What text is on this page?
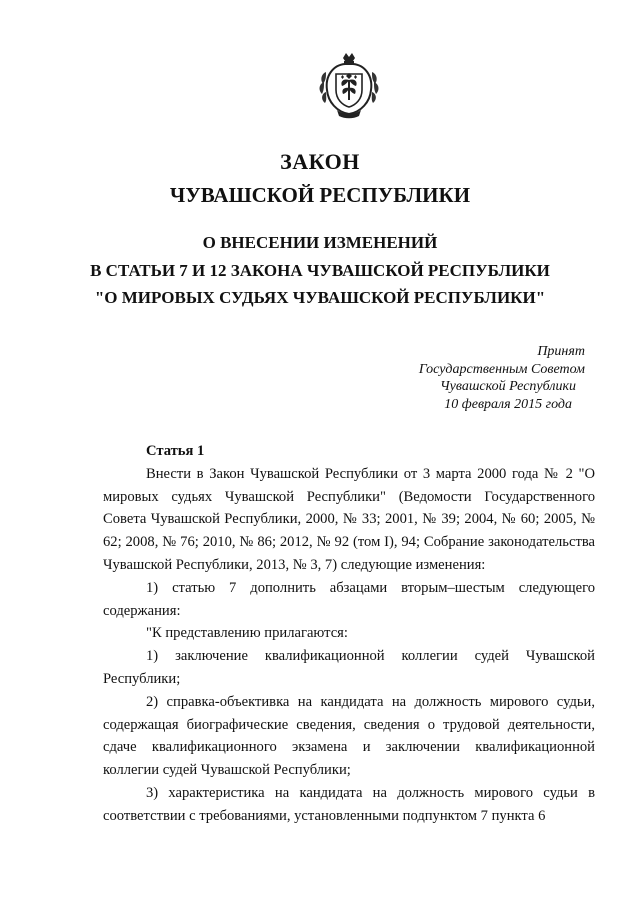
ЗАКОН
ЧУВАШСКОЙ РЕСПУБЛИКИ
О ВНЕСЕНИИ ИЗМЕНЕНИЙ
В СТАТЬИ 7 И 12 ЗАКОНА ЧУВАШСКОЙ РЕСПУБЛИКИ
"О МИРОВЫХ СУДЬЯХ ЧУВАШСКОЙ РЕСПУБЛИКИ"
Принят
Государственным Советом
Чувашской Республики
10 февраля 2015 года
Статья 1

Внести в Закон Чувашской Республики от 3 марта 2000 года № 2 "О мировых судьях Чувашской Республики" (Ведомости Государственного Совета Чувашской Республики, 2000, № 33; 2001, № 39; 2004, № 60; 2005, № 62; 2008, № 76; 2010, № 86; 2012, № 92 (том I), 94; Собрание законодательства Чувашской Республики, 2013, № 3, 7) следующие изменения:

1) статью 7 дополнить абзацами вторым–шестым следующего содержания:

"К представлению прилагаются:

1) заключение квалификационной коллегии судей Чувашской Республики;

2) справка-объективка на кандидата на должность мирового судьи, содержащая биографические сведения, сведения о трудовой деятельности, сдаче квалификационного экзамена и заключении квалификационной коллегии судей Чувашской Республики;

3) характеристика на кандидата на должность мирового судьи в соответствии с требованиями, установленными подпунктом 7 пункта 6
